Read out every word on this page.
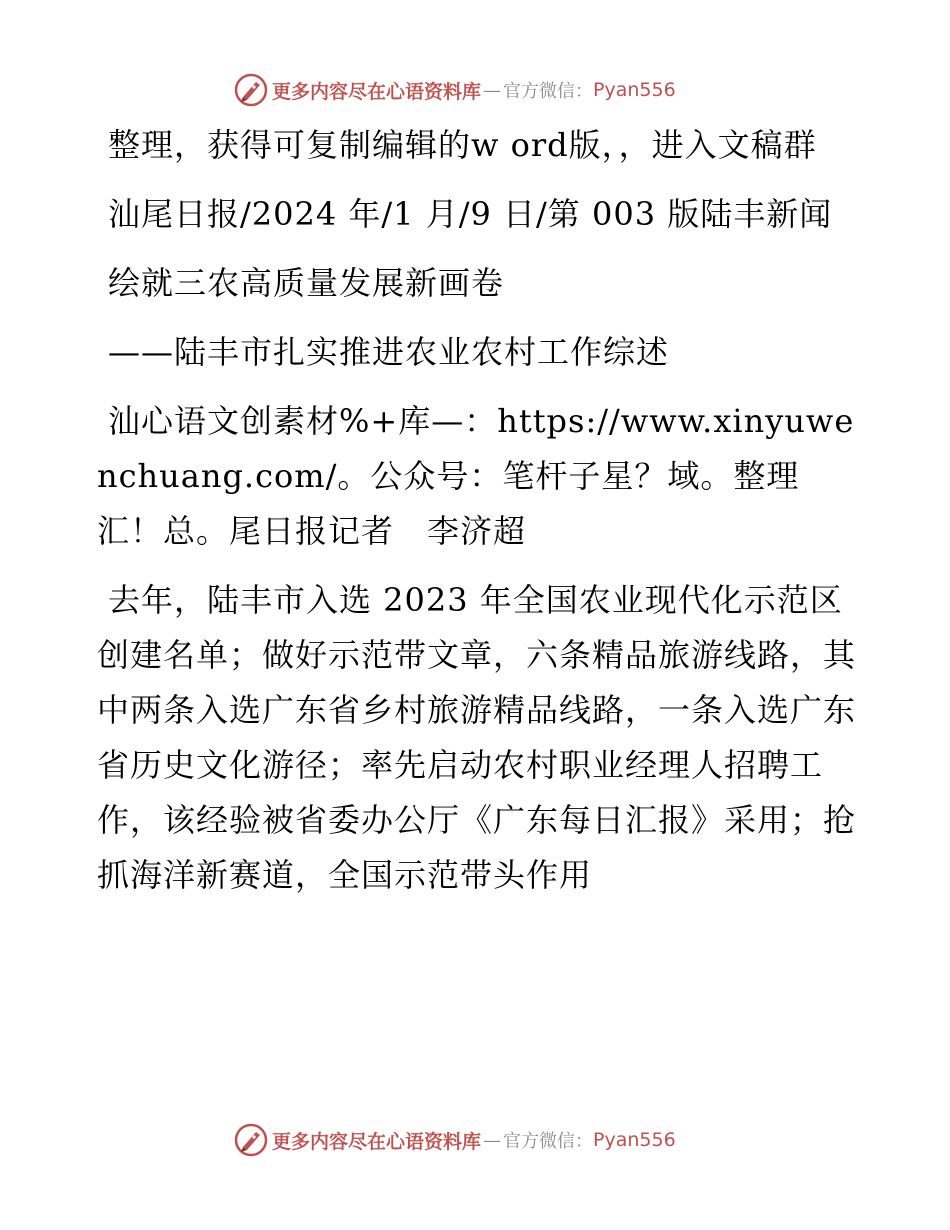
更多内容尽在心语资料库 — 官方微信： Pyan556

整理，获得可复制编辑的w ord版，，进入文稿群

汕尾日报/2024 年/1 月/9 日/第 003 版陆丰新闻

绘就三农高质量发展新画卷

——陆丰市扎实推进农业农村工作综述

汕心语文创素材%+库—：https://www.xinyuwenchuang.com/。公众号：笔杆子星？域。整理汇！总。尾日报记者　李济超

去年，陆丰市入选 2023 年全国农业现代化示范区创建名单；做好示范带文章，六条精品旅游线路，其中两条入选广东省乡村旅游精品线路，一条入选广东省历史文化游径；率先启动农村职业经理人招聘工作，该经验被省委办公厅《广东每日汇报》采用；抢抓海洋新赛道，全国示范带头作用

更多内容尽在心语资料库 — 官方微信： Pyan556
